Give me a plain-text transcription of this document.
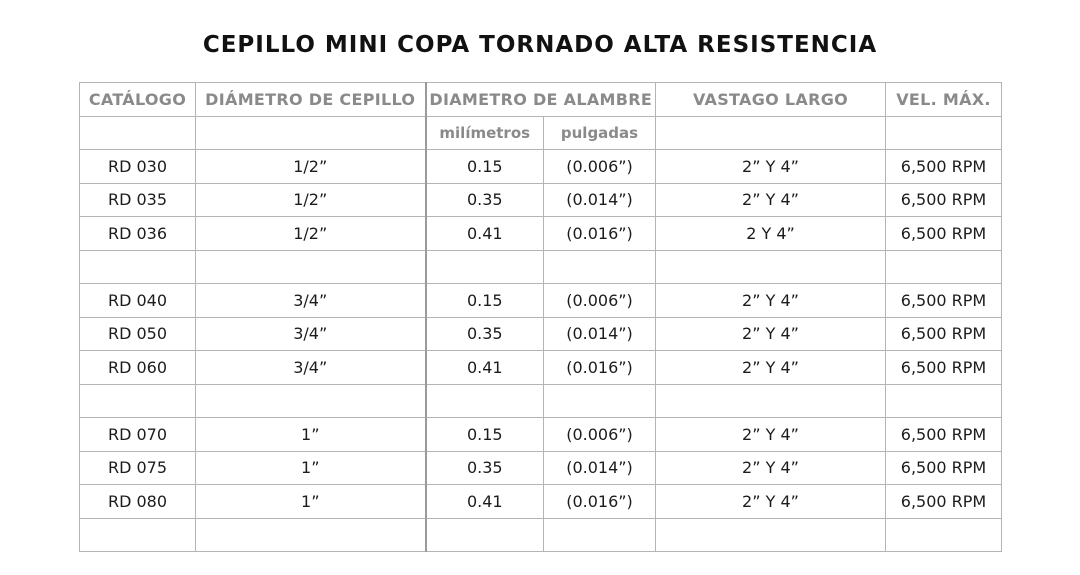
CEPILLO MINI COPA TORNADO ALTA RESISTENCIA
CATÁLOGO	DIÁMETRO DE CEPILLO	DIAMETRO DE ALAMBRE		VASTAGO LARGO	VEL. MÁX.
		milímetros	pulgadas		
RD 030	1/2”	0.15	(0.006”)	2” Y 4”	6,500 RPM
RD 035	1/2”	0.35	(0.014”)	2” Y 4”	6,500 RPM
RD 036	1/2”	0.41	(0.016”)	2 Y 4”	6,500 RPM

RD 040	3/4”	0.15	(0.006”)	2” Y 4”	6,500 RPM
RD 050	3/4”	0.35	(0.014”)	2” Y 4”	6,500 RPM
RD 060	3/4”	0.41	(0.016”)	2” Y 4”	6,500 RPM

RD 070	1”	0.15	(0.006”)	2” Y 4”	6,500 RPM
RD 075	1”	0.35	(0.014”)	2” Y 4”	6,500 RPM
RD 080	1”	0.41	(0.016”)	2” Y 4”	6,500 RPM
